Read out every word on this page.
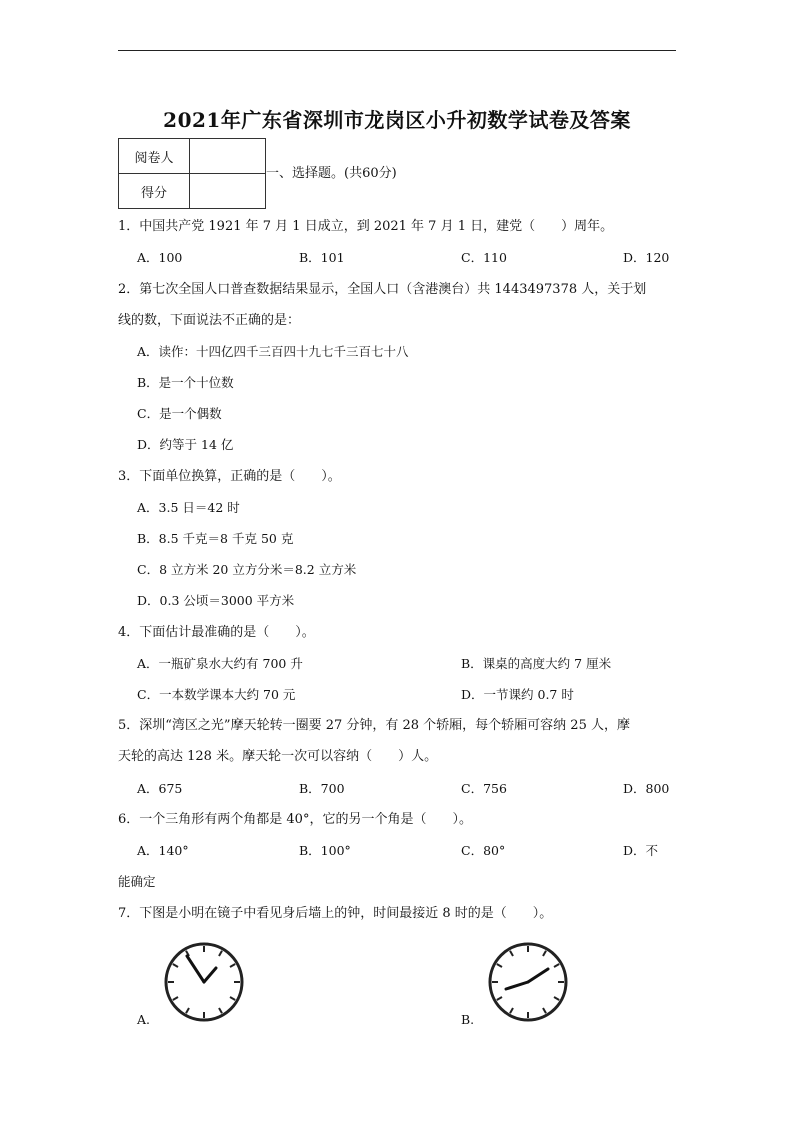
2021年广东省深圳市龙岗区小升初数学试卷及答案
阅卷人	
得分	
一、选择题。(共60分)
1．中国共产党 1921 年 7 月 1 日成立，到 2021 年 7 月 1 日，建党（　　）周年。
A．100	B．101	C．110	D．120
2．第七次全国人口普查数据结果显示，全国人口（含港澳台）共 1443497378 人，关于划
线的数，下面说法不正确的是：
A．读作：十四亿四千三百四十九七千三百七十八
B．是一个十位数
C．是一个偶数
D．约等于 14 亿
3．下面单位换算，正确的是（　　）。
A．3.5 日＝42 时
B．8.5 千克＝8 千克 50 克
C．8 立方米 20 立方分米＝8.2 立方米
D．0.3 公顷＝3000 平方米
4．下面估计最准确的是（　　）。
A．一瓶矿泉水大约有 700 升	B．课桌的高度大约 7 厘米
C．一本数学课本大约 70 元	D．一节课约 0.7 时
5．深圳“湾区之光”摩天轮转一圈要 27 分钟，有 28 个轿厢，每个轿厢可容纳 25 人，摩
天轮的高达 128 米。摩天轮一次可以容纳（　　）人。
A．675	B．700	C．756	D．800
6．一个三角形有两个角都是 40°，它的另一个角是（　　）。
A．140°	B．100°	C．80°	D．不
能确定
7．下图是小明在镜子中看见身后墙上的钟，时间最接近 8 时的是（　　）。
A.	B.
